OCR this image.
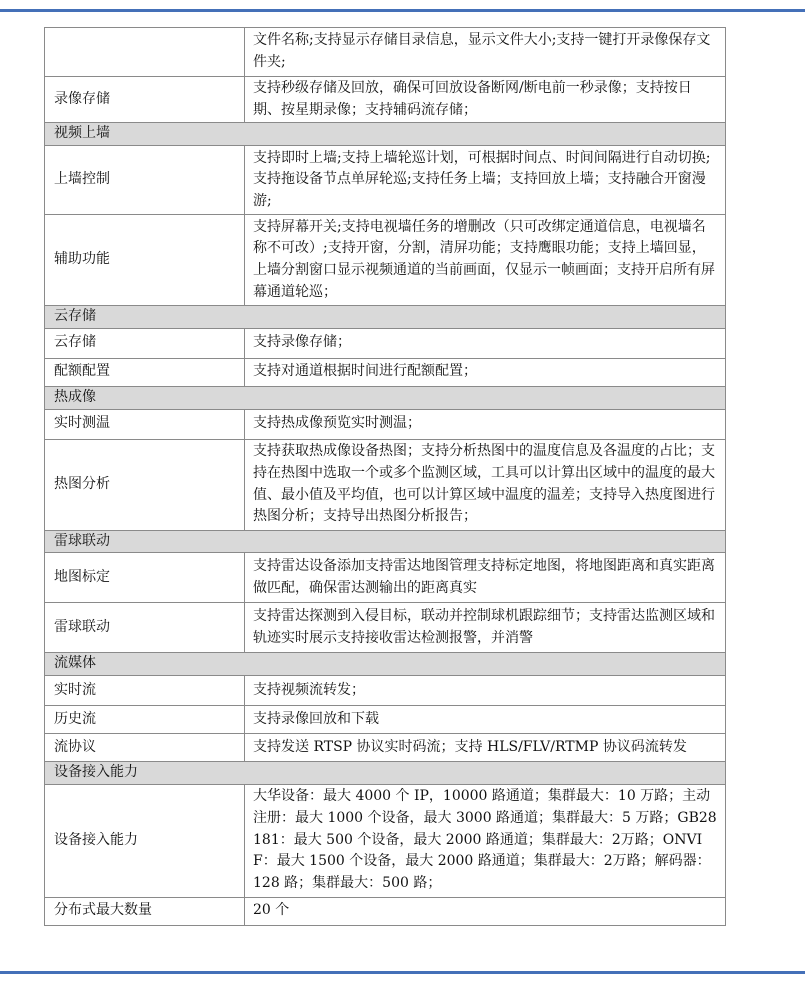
	文件名称;支持显示存储目录信息，显示文件大小;支持一键打开录像保存文件夹;
录像存储	支持秒级存储及回放，确保可回放设备断网/断电前一秒录像；支持按日期、按星期录像；支持辅码流存储；
视频上墙	
上墙控制	支持即时上墙;支持上墙轮巡计划，可根据时间点、时间间隔进行自动切换;支持拖设备节点单屏轮巡;支持任务上墙；支持回放上墙；支持融合开窗漫游;
辅助功能	支持屏幕开关;支持电视墙任务的增删改（只可改绑定通道信息，电视墙名称不可改）;支持开窗，分割，清屏功能；支持鹰眼功能；支持上墙回显，上墙分割窗口显示视频通道的当前画面，仅显示一帧画面；支持开启所有屏幕通道轮巡；
云存储	
云存储	支持录像存储；
配额配置	支持对通道根据时间进行配额配置；
热成像	
实时测温	支持热成像预览实时测温；
热图分析	支持获取热成像设备热图；支持分析热图中的温度信息及各温度的占比；支持在热图中选取一个或多个监测区域，工具可以计算出区域中的温度的最大值、最小值及平均值，也可以计算区域中温度的温差；支持导入热度图进行热图分析；支持导出热图分析报告；
雷球联动	
地图标定	支持雷达设备添加支持雷达地图管理支持标定地图，将地图距离和真实距离做匹配，确保雷达测输出的距离真实
雷球联动	支持雷达探测到入侵目标，联动并控制球机跟踪细节；支持雷达监测区域和轨迹实时展示支持接收雷达检测报警，并消警
流媒体	
实时流	支持视频流转发；
历史流	支持录像回放和下载
流协议	支持发送 RTSP 协议实时码流；支持 HLS/FLV/RTMP 协议码流转发
设备接入能力	
设备接入能力	大华设备：最大 4000 个 IP，10000 路通道；集群最大：10 万路；主动注册：最大 1000 个设备，最大 3000 路通道；集群最大：5 万路；GB28181：最大 500 个设备，最大 2000 路通道；集群最大：2万路；ONVIF：最大 1500 个设备，最大 2000 路通道；集群最大：2万路；解码器：128 路；集群最大：500 路；
分布式最大数量	20 个
